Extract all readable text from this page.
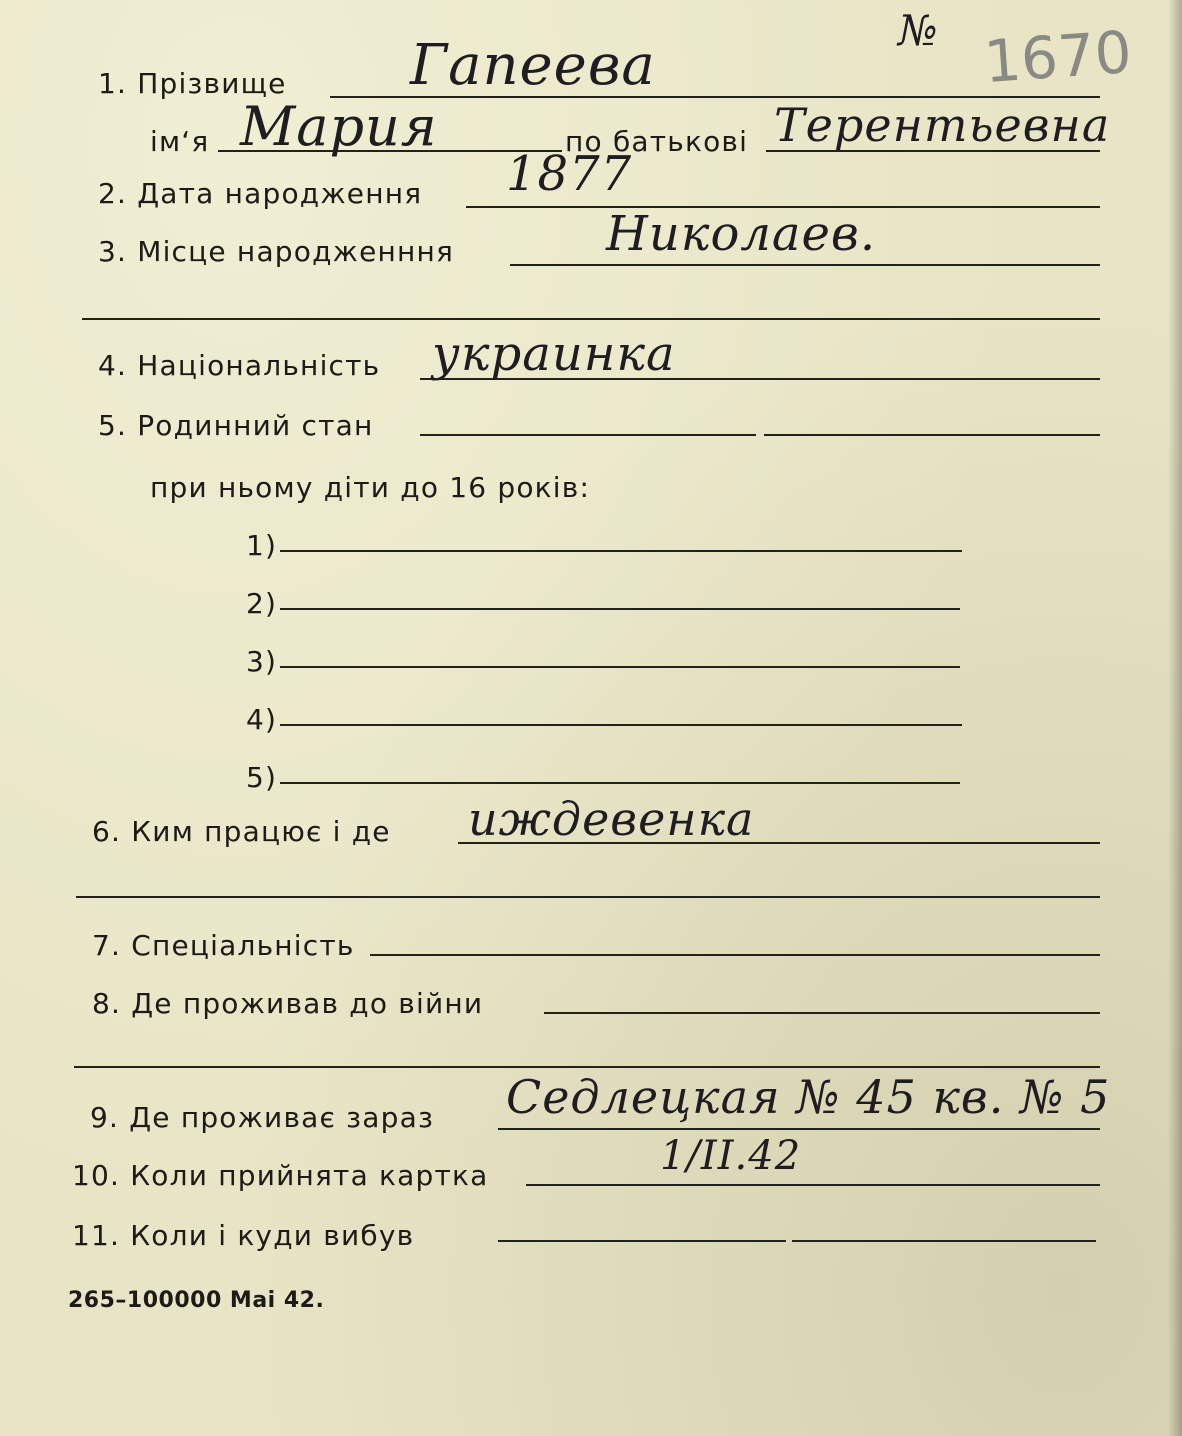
№ 1670
1. Прізвище Гапеева
ім‘я Мария	по батькові Терентьевна
2. Дата народження 1877
3. Місце народженння	Николаев.
4. Національність украинка
5. Родинний стан
при ньому діти до 16 років:
1)
2)
3)
4)
5)
6. Ким працює і де иждевенка
7. Спеціальність
8. Де проживав до війни
9. Де проживає зараз Седлецкая № 45 кв. № 5
10. Коли прийнята картка	1/ІІ.42
11. Коли і куди вибув
265–100000 Mai 42.
